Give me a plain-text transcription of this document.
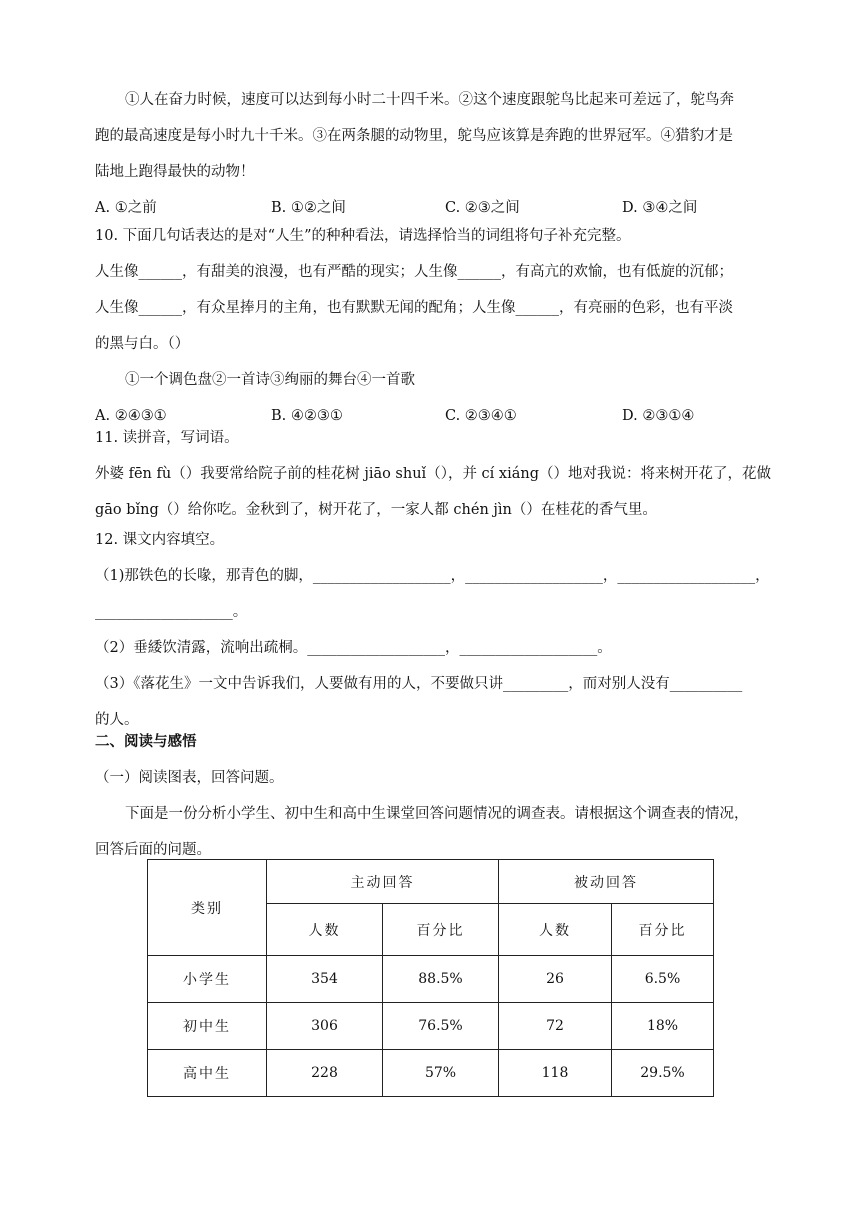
①人在奋力时候，速度可以达到每小时二十四千米。②这个速度跟鸵鸟比起来可差远了，鸵鸟奔
跑的最高速度是每小时九十千米。③在两条腿的动物里，鸵鸟应该算是奔跑的世界冠军。④猎豹才是
陆地上跑得最快的动物！
A. ①之前	B. ①②之间	C. ②③之间	D. ③④之间
10. 下面几句话表达的是对“人生”的种种看法，请选择恰当的词组将句子补充完整。
人生像______，有甜美的浪漫，也有严酷的现实；人生像______，有高亢的欢愉，也有低旋的沉郁；
人生像______，有众星捧月的主角，也有默默无闻的配角；人生像______，有亮丽的色彩，也有平淡
的黑与白。（）
①一个调色盘②一首诗③绚丽的舞台④一首歌
A. ②④③①	B. ④②③①	C. ②③④①	D. ②③①④
11. 读拼音，写词语。
外婆 fēn fù（）我要常给院子前的桂花树 jiāo shuǐ（），并 cí xiáng（）地对我说：将来树开花了，花做
gāo bǐng（）给你吃。金秋到了，树开花了，一家人都 chén jìn（）在桂花的香气里。
12. 课文内容填空。
（1)那铁色的长喙，那青色的脚，___________________，___________________，___________________，
___________________。
（2）垂緌饮清露，流响出疏桐。___________________，___________________。
（3）《落花生》一文中告诉我们，人要做有用的人，不要做只讲_________，而对别人没有__________
的人。
二、阅读与感悟
（一）阅读图表，回答问题。
下面是一份分析小学生、初中生和高中生课堂回答问题情况的调查表。请根据这个调查表的情况，
回答后面的问题。
类别	主动回答		被动回答	
	人数	百分比	人数	百分比
小学生	354	88.5%	26	6.5%
初中生	306	76.5%	72	18%
高中生	228	57%	118	29.5%
